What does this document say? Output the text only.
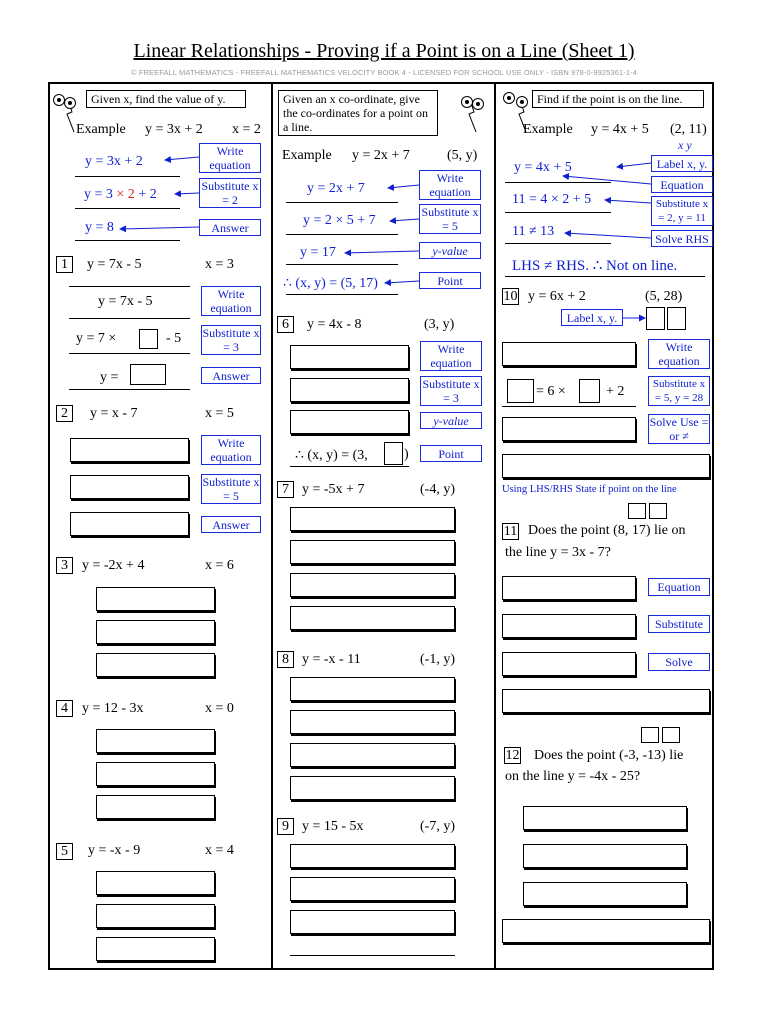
Linear Relationships - Proving if a Point is on a Line (Sheet 1)
© FREEFALL MATHEMATICS - FREEFALL MATHEMATICS VELOCITY BOOK 4 - LICENSED FOR SCHOOL USE ONLY - ISBN 978-0-9925361-1-4
Given x, find the value of y.
Example y = 3x + 2 x = 2
y = 3x + 2
y = 3 × 2 + 2
y = 8
Write equation
Substitute x = 2
Answer
1	y = 7x - 5	x = 3
y = 7x - 5
y = 7 ×	- 5
y =
Write equation
Substitute x = 3
Answer
2	y = x - 7	x = 5
Write equation
Substitute x = 5
Answer
3	y = -2x + 4	x = 6
4	y = 12 - 3x	x = 0
5	y = -x - 9	x = 4
Given an x co-ordinate, give the co-ordinates for a point on a line.
Example y = 2x + 7	(5, y)
y = 2x + 7
y = 2 × 5 + 7
y = 17
∴ (x, y) = (5, 17)
Write equation
Substitute x = 5
y-value
Point
6	y = 4x - 8	(3, y)
∴ (x, y) = (3,	)
Write equation
Substitute x = 3
y-value
Point
7 y = -5x + 7	(-4, y)
8 y = -x - 11	(-1, y)
9 y = 15 - 5x	(-7, y)
Find if the point is on the line.
Example y = 4x + 5 (2, 11)
x y
y = 4x + 5
11 = 4 × 2 + 5
11 ≠ 13
LHS ≠ RHS. ∴ Not on line.
Label x, y.
Equation
Substitute x = 2, y = 11
Solve RHS
10 y = 6x + 2	(5, 28)
Label x, y.
= 6 ×	+ 2
Write equation
Substitute x = 5, y = 28
Solve Use = or ≠
Using LHS/RHS State if point on the line
11 Does the point (8, 17) lie on
the line y = 3x - 7?
Equation
Substitute
Solve
12 Does the point (-3, -13) lie
on the line y = -4x - 25?
